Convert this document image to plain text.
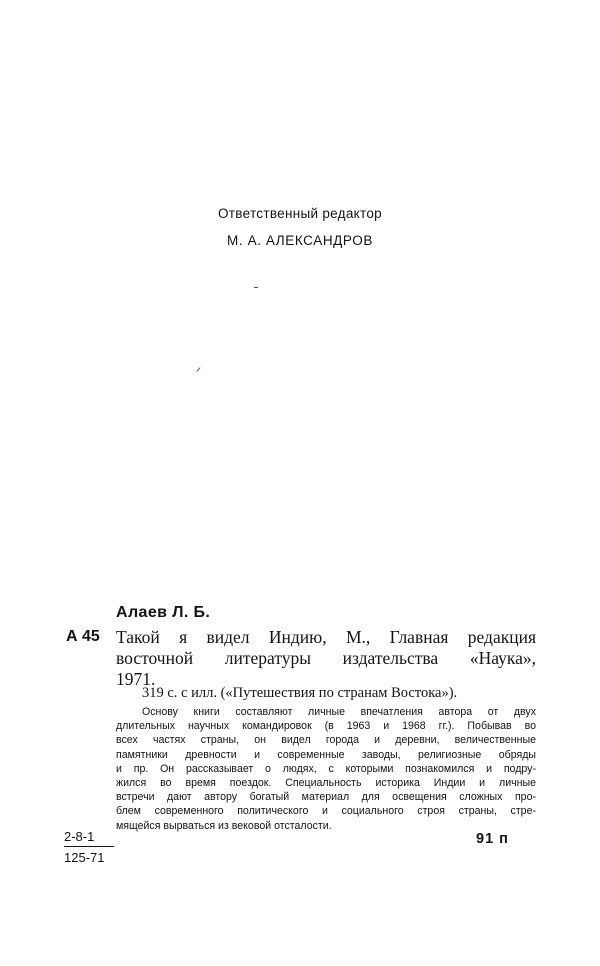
Ответственный редактор
М. А. АЛЕКСАНДРОВ
Алаев Л. Б.
А 45 Такой я видел Индию, М., Главная редакция
восточной литературы издательства «Наука»,
1971.
319 с. с илл. («Путешествия по странам Востока»).
Основу книги составляют личные впечатления автора от двух
длительных научных командировок (в 1963 и 1968 гг.). Побывав во
всех частях страны, он видел города и деревни, величественные
памятники древности и современные заводы, религиозные обряды
и пр. Он рассказывает о людях, с которыми познакомился и подру-
жился во время поездок. Специальность историка Индии и личные
встречи дают автору богатый материал для освещения сложных про-
блем современного политического и социального строя страны, стре-
мящейся вырваться из вековой отсталости.
2-8-1
125-71
91 п
